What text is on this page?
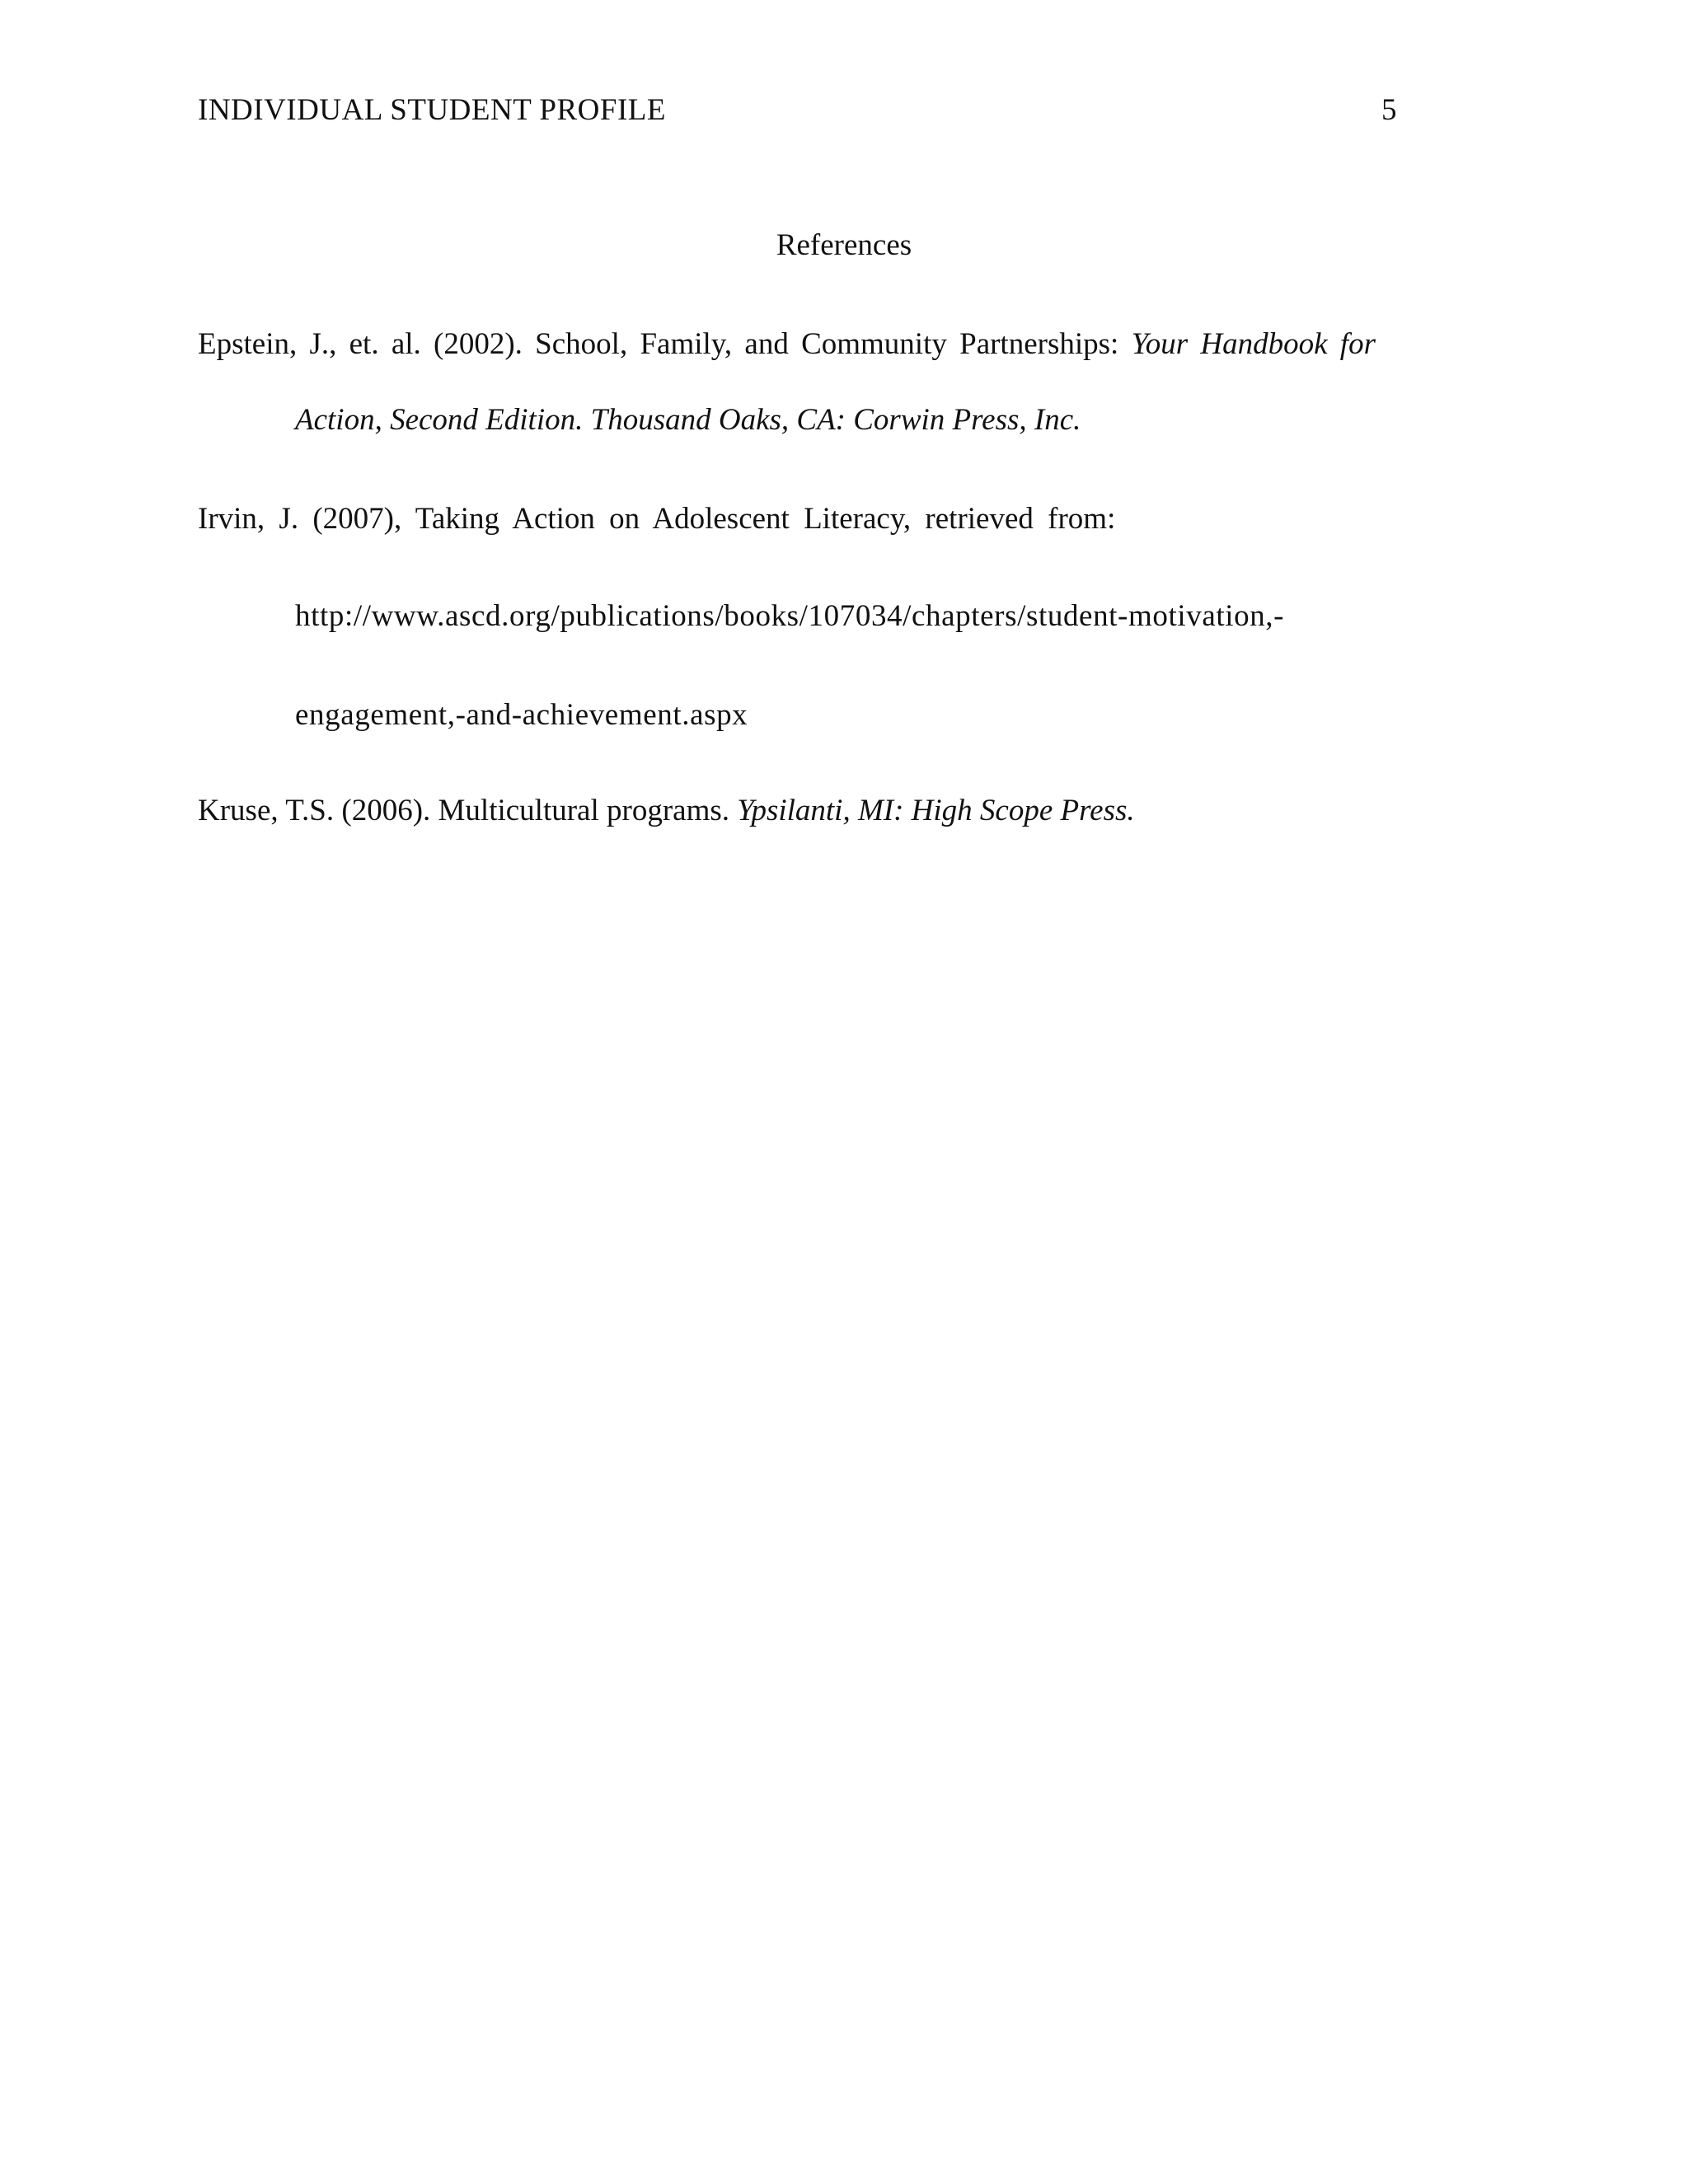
INDIVIDUAL STUDENT PROFILE	5
References
Epstein, J., et. al. (2002). School, Family, and Community Partnerships: Your Handbook for
Action, Second Edition. Thousand Oaks, CA: Corwin Press, Inc.
Irvin, J. (2007), Taking Action on Adolescent Literacy, retrieved from:
http://www.ascd.org/publications/books/107034/chapters/student-motivation,-
engagement,-and-achievement.aspx
Kruse, T.S. (2006). Multicultural programs. Ypsilanti, MI: High Scope Press.
